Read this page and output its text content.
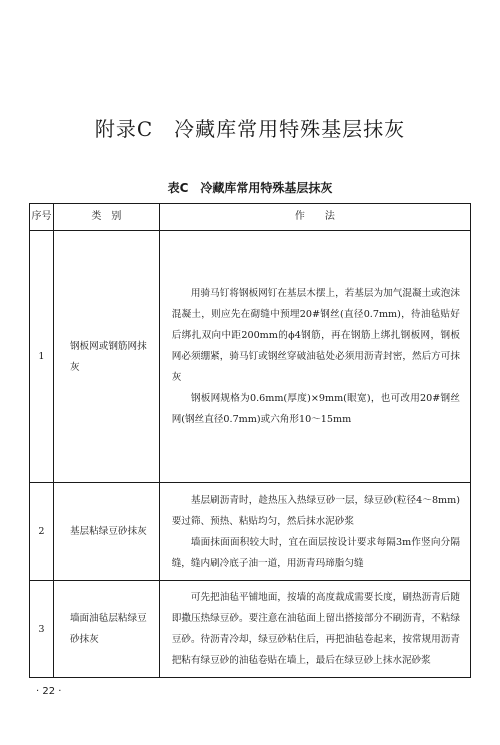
附录C　冷藏库常用特殊基层抹灰
表C　冷藏库常用特殊基层抹灰
序号	类　别	作　　法
1	钢板网或钢筋网抹灰	用骑马钉将钢板网钉在基层木摆上，若基层为加气混凝土或泡沫混凝土，则应先在砌缝中预埋20#钢丝(直径0.7mm)，待油毡贴好后绑扎双向中距200mm的ϕ4钢筋，再在钢筋上绑扎钢板网，钢板网必须绷紧，骑马钉或钢丝穿破油毡处必须用沥青封密，然后方可抹灰

钢板网规格为0.6mm(厚度)×9mm(眼宽)，也可改用20#钢丝网(钢丝直径0.7mm)或六角形10～15mm

2	基层粘绿豆砂抹灰	基层刷沥青时，趁热压入热绿豆砂一层，绿豆砂(粒径4～8mm)要过筛、预热、粘贴均匀，然后抹水泥砂浆

墙面抹面面积较大时，宜在面层按设计要求每隔3m作竖向分隔缝，缝内刷冷底子油一道，用沥青玛𤧛脂匀缝

3	墙面油毡层粘绿豆砂抹灰	可先把油毡平铺地面，按墙的高度裁成需要长度，刷热沥青后随即撒压热绿豆砂。要注意在油毡面上留出搭接部分不刷沥青，不粘绿豆砂。待沥青冷却，绿豆砂粘住后，再把油毡卷起来，按常规用沥青把粘有绿豆砂的油毡卷贴在墙上，最后在绿豆砂上抹水泥砂浆

· 22 ·
